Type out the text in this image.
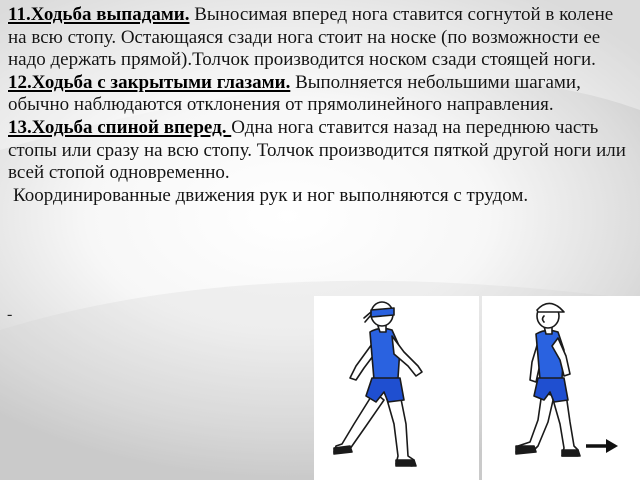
11.Ходьба выпадами. Выносимая вперед нога ставится согнутой в колене на всю стопу. Остающаяся сзади нога стоит на носке (по возможности ее надо держать прямой).Толчок производится носком сзади стоящей ноги.

12.Ходьба с закрытыми глазами. Выполняется небольшими шагами, обычно наблюдаются отклонения от прямолинейного направления.

13.Ходьба спиной вперед. Одна нога ставится назад на переднюю часть стопы или сразу на всю стопу. Толчок производится пяткой другой ноги или всей стопой одновременно.

Координированные движения рук и ног выполняются с трудом.

-
